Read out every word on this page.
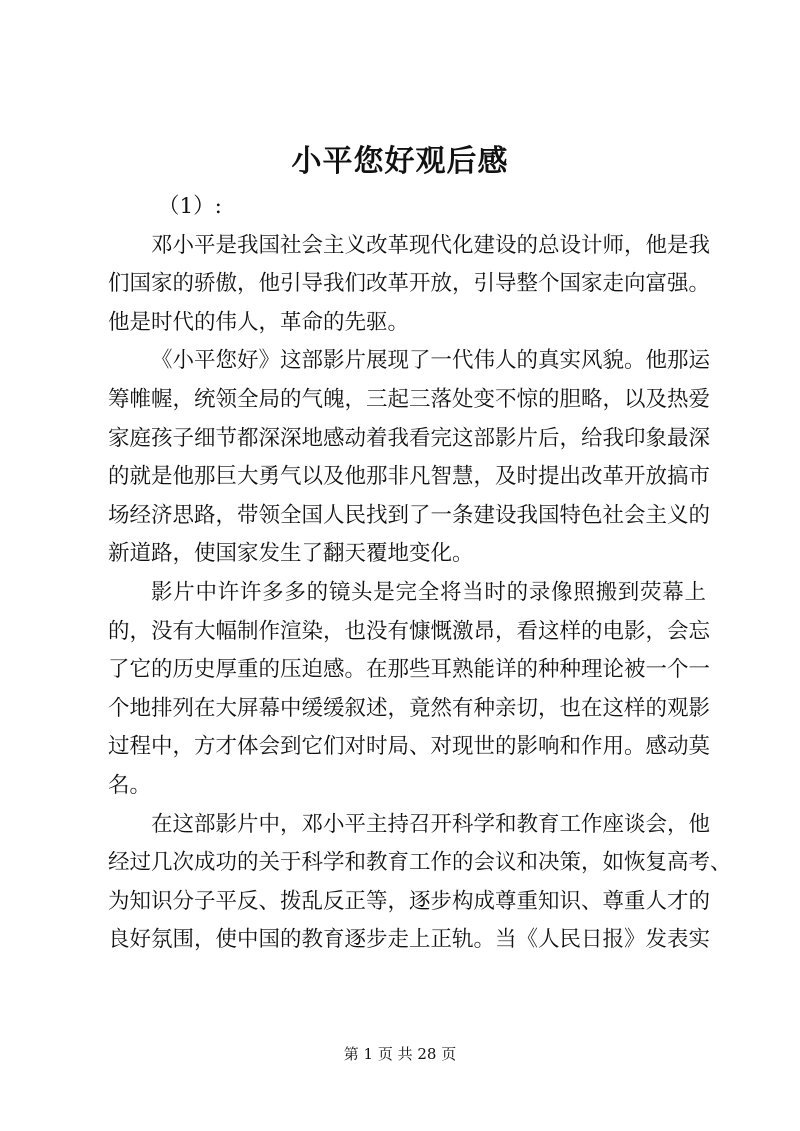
小平您好观后感
（1）:
邓小平是我国社会主义改革现代化建设的总设计师，他是我
们国家的骄傲，他引导我们改革开放，引导整个国家走向富强。
他是时代的伟人，革命的先驱。
《小平您好》这部影片展现了一代伟人的真实风貌。他那运
筹帷幄，统领全局的气魄，三起三落处变不惊的胆略，以及热爱
家庭孩子细节都深深地感动着我看完这部影片后，给我印象最深
的就是他那巨大勇气以及他那非凡智慧，及时提出改革开放搞市
场经济思路，带领全国人民找到了一条建设我国特色社会主义的
新道路，使国家发生了翻天覆地变化。
影片中许许多多的镜头是完全将当时的录像照搬到荧幕上
的，没有大幅制作渲染，也没有慷慨激昂，看这样的电影，会忘
了它的历史厚重的压迫感。在那些耳熟能详的种种理论被一个一
个地排列在大屏幕中缓缓叙述，竟然有种亲切，也在这样的观影
过程中，方才体会到它们对时局、对现世的影响和作用。感动莫
名。
在这部影片中，邓小平主持召开科学和教育工作座谈会，他
经过几次成功的关于科学和教育工作的会议和决策，如恢复高考、
为知识分子平反、拨乱反正等，逐步构成尊重知识、尊重人才的
良好氛围，使中国的教育逐步走上正轨。当《人民日报》发表实
第 1 页 共 28 页
